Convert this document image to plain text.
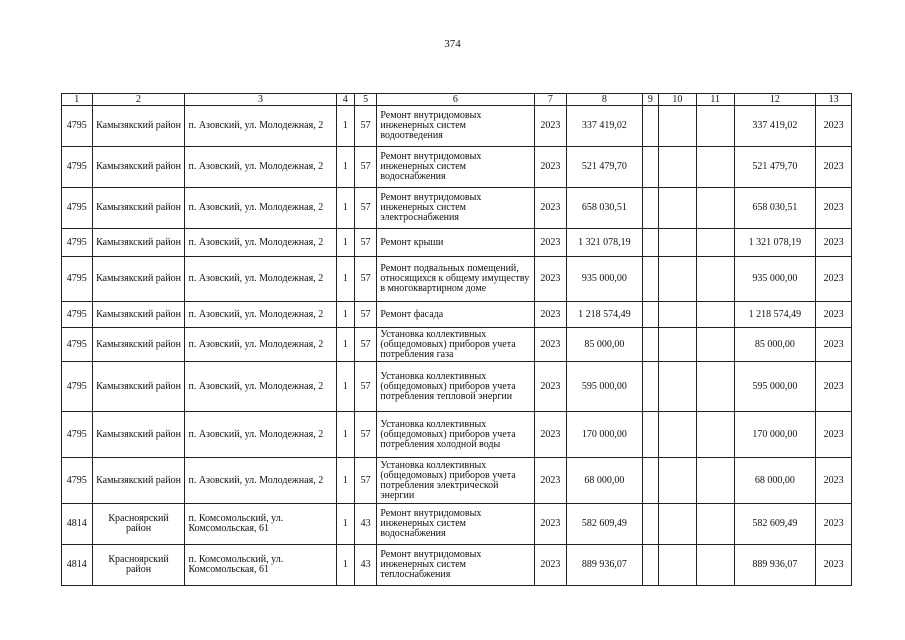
374
1	2	3	4	5	6	7	8	9	10	11	12	13
4795	Камызякский район	п. Азовский, ул. Молодежная, 2	1	57	Ремонт внутридомовых инженерных систем водоотведения	2023	337 419,02				337 419,02	2023
4795	Камызякский район	п. Азовский, ул. Молодежная, 2	1	57	Ремонт внутридомовых инженерных систем водоснабжения	2023	521 479,70				521 479,70	2023
4795	Камызякский район	п. Азовский, ул. Молодежная, 2	1	57	Ремонт внутридомовых инженерных систем электроснабжения	2023	658 030,51				658 030,51	2023
4795	Камызякский район	п. Азовский, ул. Молодежная, 2	1	57	Ремонт крыши	2023	1 321 078,19				1 321 078,19	2023
4795	Камызякский район	п. Азовский, ул. Молодежная, 2	1	57	Ремонт подвальных помещений, относящихся к общему имуществу в многоквартирном доме	2023	935 000,00				935 000,00	2023
4795	Камызякский район	п. Азовский, ул. Молодежная, 2	1	57	Ремонт фасада	2023	1 218 574,49				1 218 574,49	2023
4795	Камызякский район	п. Азовский, ул. Молодежная, 2	1	57	Установка коллективных (общедомовых) приборов учета потребления газа	2023	85 000,00				85 000,00	2023
4795	Камызякский район	п. Азовский, ул. Молодежная, 2	1	57	Установка коллективных (общедомовых) приборов учета потребления тепловой энергии	2023	595 000,00				595 000,00	2023
4795	Камызякский район	п. Азовский, ул. Молодежная, 2	1	57	Установка коллективных (общедомовых) приборов учета потребления холодной воды	2023	170 000,00				170 000,00	2023
4795	Камызякский район	п. Азовский, ул. Молодежная, 2	1	57	Установка коллективных (общедомовых) приборов учета потребления электрической энергии	2023	68 000,00				68 000,00	2023
4814	Красноярский район	п. Комсомольский, ул. Комсомольская, 61	1	43	Ремонт внутридомовых инженерных систем водоснабжения	2023	582 609,49				582 609,49	2023
4814	Красноярский район	п. Комсомольский, ул. Комсомольская, 61	1	43	Ремонт внутридомовых инженерных систем теплоснабжения	2023	889 936,07				889 936,07	2023
